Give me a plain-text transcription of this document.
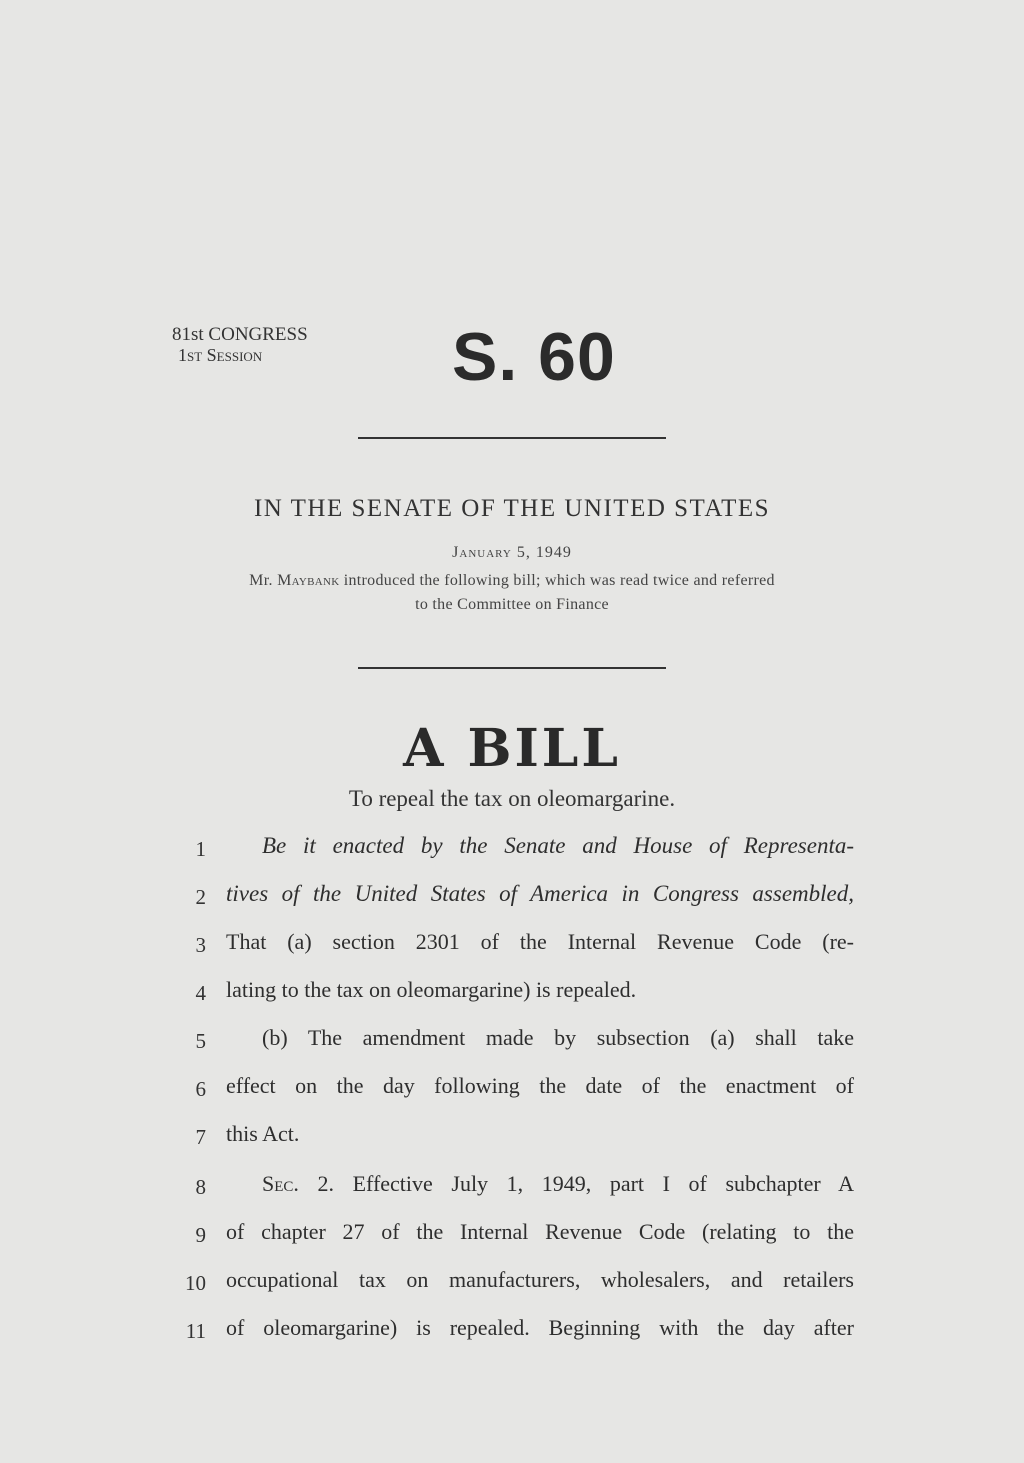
81st CONGRESS
1st Session	S. 60
IN THE SENATE OF THE UNITED STATES
January 5, 1949
Mr. Maybank introduced the following bill; which was read twice and referred
to the Committee on Finance
A BILL
To repeal the tax on oleomargarine.
1 Be it enacted by the Senate and House of Representa-
2 tives of the United States of America in Congress assembled,
3 That (a) section 2301 of the Internal Revenue Code (re-
4 lating to the tax on oleomargarine) is repealed.
5	(b) The amendment made by subsection (a) shall take
6 effect on the day following the date of the enactment of
7 this Act.
8	Sec. 2. Effective July 1, 1949, part I of subchapter A
9 of chapter 27 of the Internal Revenue Code (relating to the
10 occupational tax on manufacturers, wholesalers, and retailers
11 of oleomargarine) is repealed. Beginning with the day after
